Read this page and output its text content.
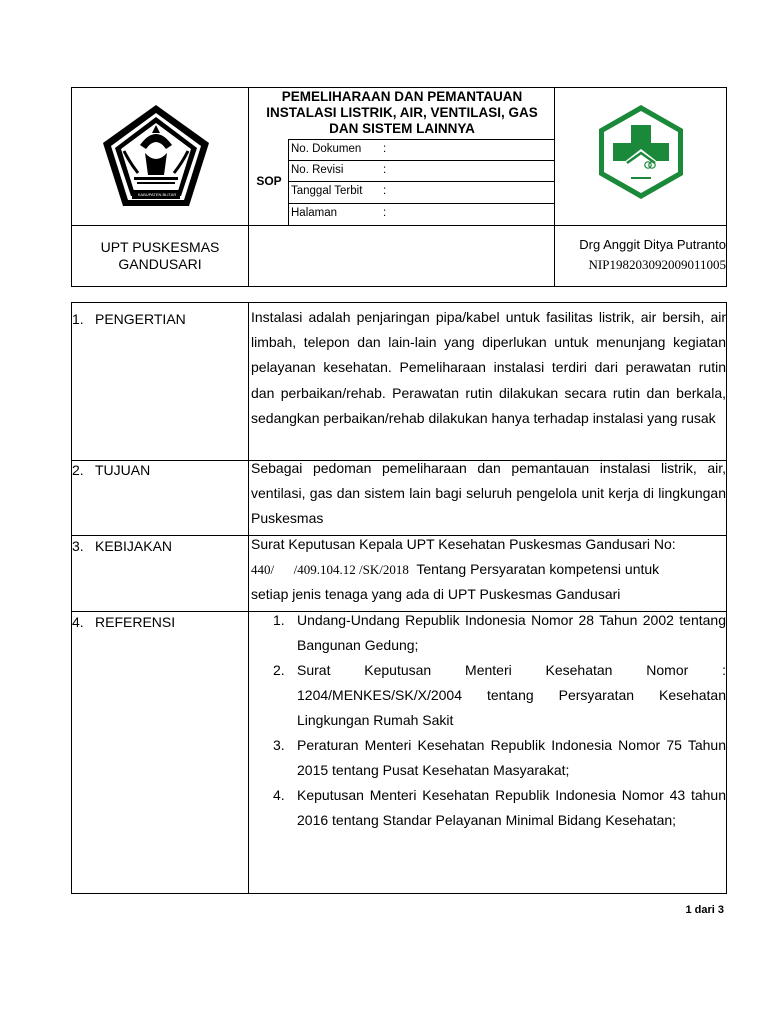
KABUPATEN BLITAR
PEMELIHARAAN DAN PEMANTAUAN INSTALASI LISTRIK, AIR, VENTILASI, GAS DAN SISTEM LAINNYA
SOP
No. Dokumen :
No. Revisi	:
Tanggal Terbit :
Halaman	:
UPT PUSKESMAS GANDUSARI
Drg Anggit Ditya Putranto
NIP198203092009011005
1. PENGERTIAN	Instalasi adalah penjaringan pipa/kabel untuk fasilitas listrik, air bersih, air limbah, telepon dan lain-lain yang diperlukan untuk menunjang kegiatan pelayanan kesehatan. Pemeliharaan instalasi terdiri dari perawatan rutin dan perbaikan/rehab. Perawatan rutin dilakukan secara rutin dan berkala, sedangkan perbaikan/rehab dilakukan hanya terhadap instalasi yang rusak
2. TUJUAN	Sebagai pedoman pemeliharaan dan pemantauan instalasi listrik, air, ventilasi, gas dan sistem lain bagi seluruh pengelola unit kerja di lingkungan Puskesmas
3. KEBIJAKAN	Surat Keputusan Kepala UPT Kesehatan Puskesmas Gandusari No:
440/      /409.104.12 /SK/2018  Tentang Persyaratan kompetensi untuk
setiap jenis tenaga yang ada di UPT Puskesmas Gandusari
4. REFERENSI	1. Undang-Undang Republik Indonesia Nomor 28 Tahun 2002 tentang Bangunan Gedung;
2. Surat Keputusan Menteri Kesehatan Nomor : 1204/MENKES/SK/X/2004 tentang Persyaratan Kesehatan Lingkungan Rumah Sakit
3. Peraturan Menteri Kesehatan Republik Indonesia Nomor 75 Tahun 2015 tentang Pusat Kesehatan Masyarakat;
4. Keputusan Menteri Kesehatan Republik Indonesia Nomor 43 tahun 2016 tentang Standar Pelayanan Minimal Bidang Kesehatan;
1 dari 3
